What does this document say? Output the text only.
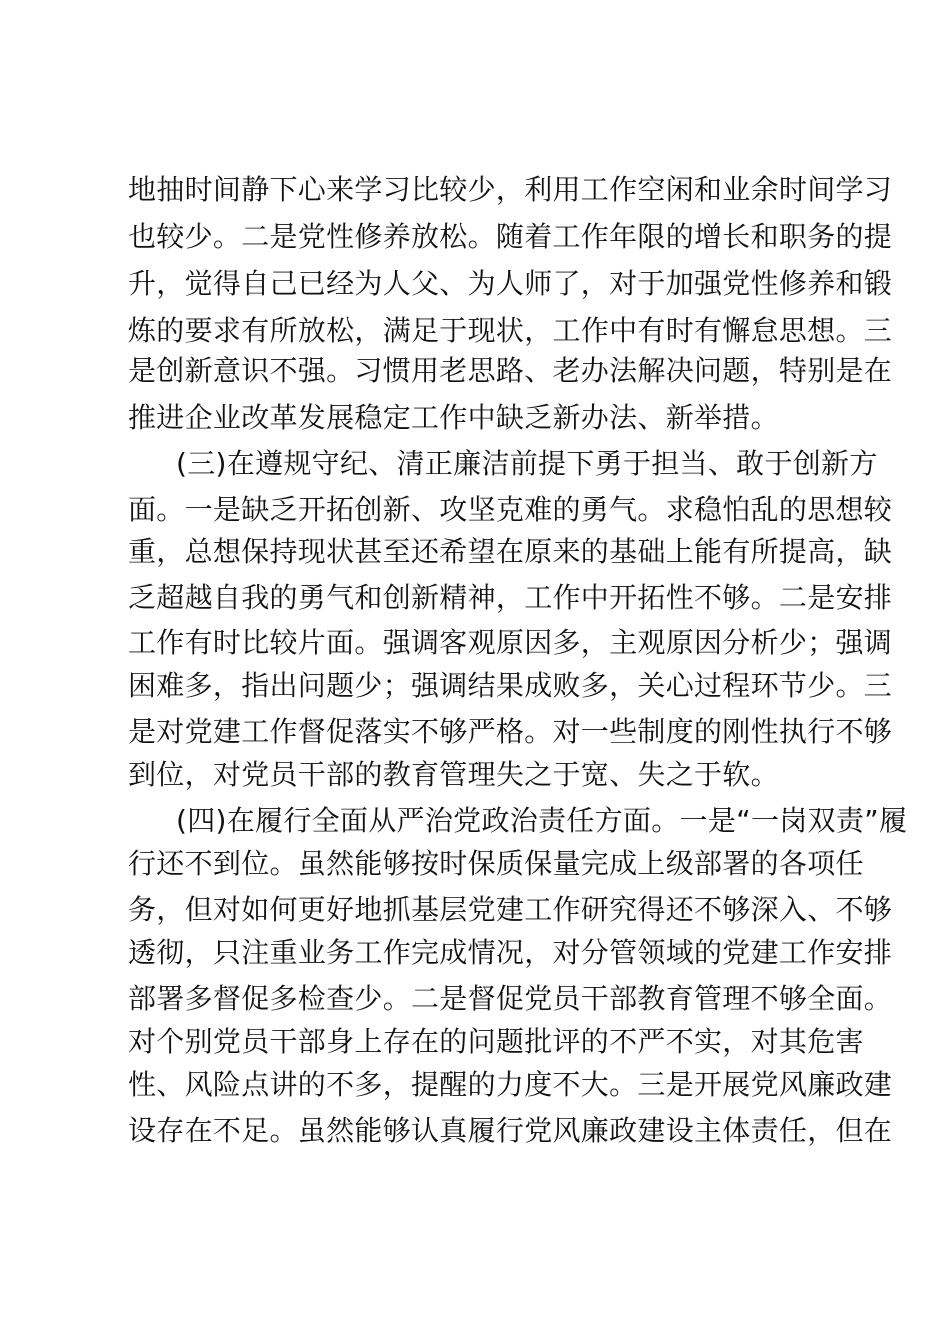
地抽时间静下心来学习比较少，利用工作空闲和业余时间学习
也较少。二是党性修养放松。随着工作年限的增长和职务的提
升，觉得自己已经为人父、为人师了，对于加强党性修养和锻
炼的要求有所放松，满足于现状，工作中有时有懈怠思想。三
是创新意识不强。习惯用老思路、老办法解决问题，特别是在
推进企业改革发展稳定工作中缺乏新办法、新举措。
(三)在遵规守纪、清正廉洁前提下勇于担当、敢于创新方
面。一是缺乏开拓创新、攻坚克难的勇气。求稳怕乱的思想较
重，总想保持现状甚至还希望在原来的基础上能有所提高，缺
乏超越自我的勇气和创新精神，工作中开拓性不够。二是安排
工作有时比较片面。强调客观原因多，主观原因分析少；强调
困难多，指出问题少；强调结果成败多，关心过程环节少。三
是对党建工作督促落实不够严格。对一些制度的刚性执行不够
到位，对党员干部的教育管理失之于宽、失之于软。
(四)在履行全面从严治党政治责任方面。一是“一岗双责”履
行还不到位。虽然能够按时保质保量完成上级部署的各项任
务，但对如何更好地抓基层党建工作研究得还不够深入、不够
透彻，只注重业务工作完成情况，对分管领域的党建工作安排
部署多督促多检查少。二是督促党员干部教育管理不够全面。
对个别党员干部身上存在的问题批评的不严不实，对其危害
性、风险点讲的不多，提醒的力度不大。三是开展党风廉政建
设存在不足。虽然能够认真履行党风廉政建设主体责任，但在
